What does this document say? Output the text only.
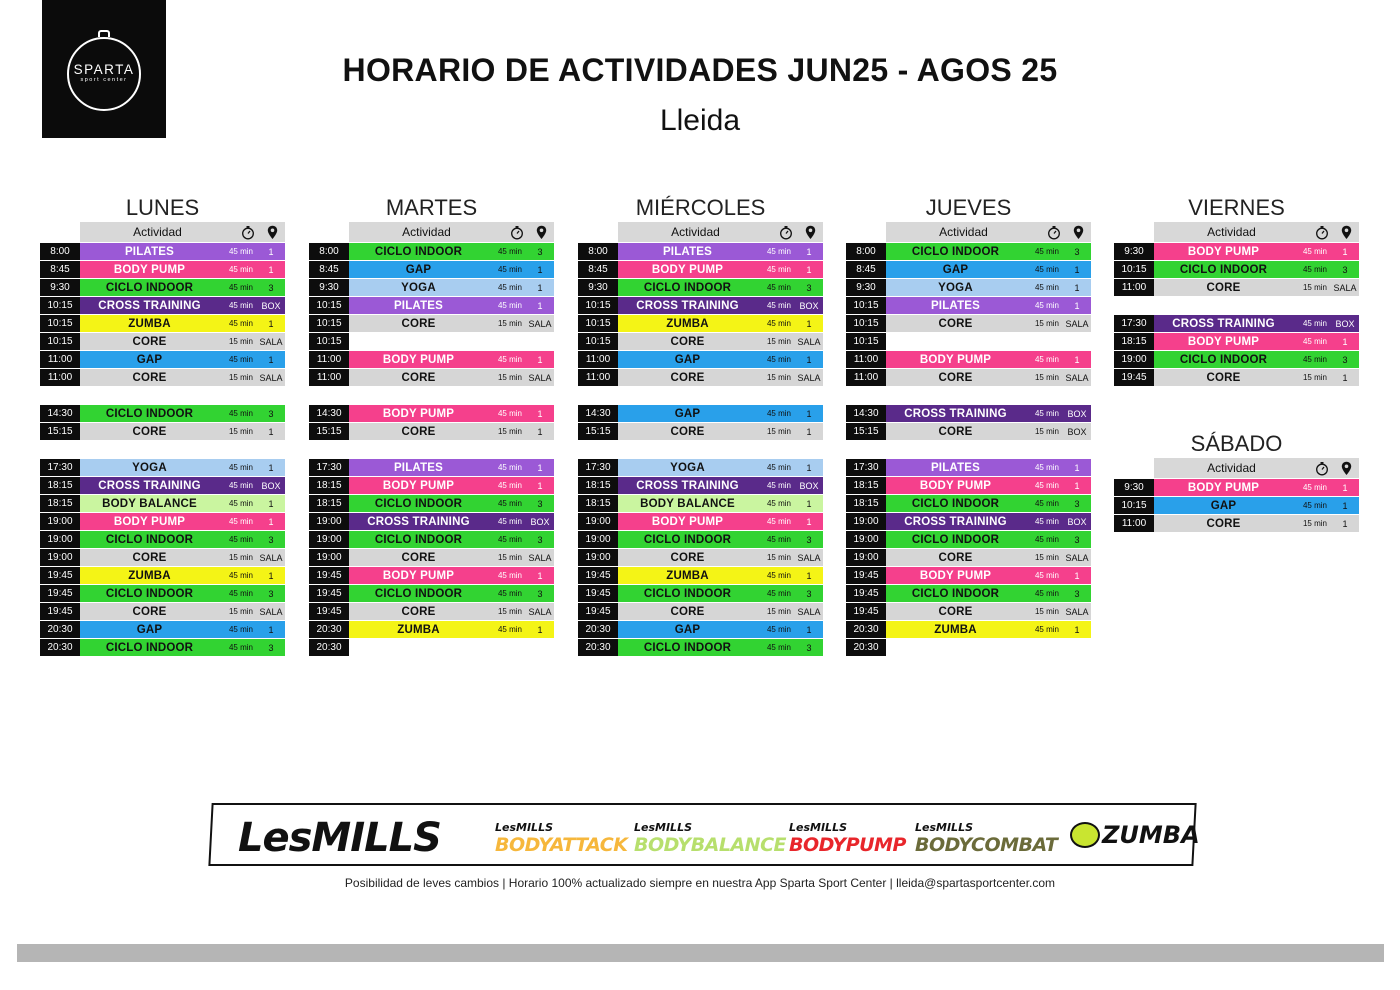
SPARTA
sport center	HORARIO DE ACTIVIDADES JUN25 - AGOS 25
Lleida
LUNES
Actividad
8:00	PILATES	45 min	1
8:45	BODY PUMP	45 min	1
9:30	CICLO INDOOR	45 min	3
10:15	CROSS TRAINING	45 min BOX
10:15	ZUMBA	45 min	1
10:15	CORE	15 min SALA
11:00	GAP	45 min	1
11:00	CORE	15 min SALA
14:30	CICLO INDOOR	45 min	3
15:15	CORE	15 min	1
17:30	YOGA	45 min	1
18:15	CROSS TRAINING	45 min BOX
18:15	BODY BALANCE	45 min	1
19:00	BODY PUMP	45 min	1
19:00	CICLO INDOOR	45 min	3
19:00	CORE	15 min SALA
19:45	ZUMBA	45 min	1
19:45	CICLO INDOOR	45 min	3
19:45	CORE	15 min SALA
20:30	GAP	45 min	1
20:30	CICLO INDOOR	45 min	3
MARTES
Actividad
8:00	CICLO INDOOR	45 min	3
8:45	GAP	45 min	1
9:30	YOGA	45 min	1
10:15	PILATES	45 min	1
10:15	CORE	15 min SALA
10:15
11:00	BODY PUMP	45 min	1
11:00	CORE	15 min SALA
14:30	BODY PUMP	45 min	1
15:15	CORE	15 min	1
17:30	PILATES	45 min	1
18:15	BODY PUMP	45 min	1
18:15	CICLO INDOOR	45 min	3
19:00	CROSS TRAINING	45 min BOX
19:00	CICLO INDOOR	45 min	3
19:00	CORE	15 min SALA
19:45	BODY PUMP	45 min	1
19:45	CICLO INDOOR	45 min	3
19:45	CORE	15 min SALA
20:30	ZUMBA	45 min	1
20:30
MIÉRCOLES
Actividad
8:00	PILATES	45 min	1
8:45	BODY PUMP	45 min	1
9:30	CICLO INDOOR	45 min	3
10:15	CROSS TRAINING	45 min BOX
10:15	ZUMBA	45 min	1
10:15	CORE	15 min SALA
11:00	GAP	45 min	1
11:00	CORE	15 min SALA
14:30	GAP	45 min	1
15:15	CORE	15 min	1
17:30	YOGA	45 min	1
18:15	CROSS TRAINING	45 min BOX
18:15	BODY BALANCE	45 min	1
19:00	BODY PUMP	45 min	1
19:00	CICLO INDOOR	45 min	3
19:00	CORE	15 min SALA
19:45	ZUMBA	45 min	1
19:45	CICLO INDOOR	45 min	3
19:45	CORE	15 min SALA
20:30	GAP	45 min	1
20:30	CICLO INDOOR	45 min	3
JUEVES
Actividad
8:00	CICLO INDOOR	45 min	3
8:45	GAP	45 min	1
9:30	YOGA	45 min	1
10:15	PILATES	45 min	1
10:15	CORE	15 min SALA
10:15
11:00	BODY PUMP	45 min	1
11:00	CORE	15 min SALA
14:30	CROSS TRAINING	45 min BOX
15:15	CORE	15 min BOX
17:30	PILATES	45 min	1
18:15	BODY PUMP	45 min	1
18:15	CICLO INDOOR	45 min	3
19:00	CROSS TRAINING	45 min BOX
19:00	CICLO INDOOR	45 min	3
19:00	CORE	15 min SALA
19:45	BODY PUMP	45 min	1
19:45	CICLO INDOOR	45 min	3
19:45	CORE	15 min SALA
20:30	ZUMBA	45 min	1
20:30
VIERNES
Actividad
9:30	BODY PUMP	45 min	1
10:15	CICLO INDOOR	45 min	3
11:00	CORE	15 min SALA
17:30	CROSS TRAINING	45 min BOX
18:15	BODY PUMP	45 min	1
19:00	CICLO INDOOR	45 min	3
19:45	CORE	15 min	1
SÁBADO
Actividad
9:30	BODY PUMP	45 min	1
10:15	GAP	45 min	1
11:00	CORE	15 min	1
LesMILLS	LesMILLS
BODYATTACK
LesMILLS
BODYBALANCE
LesMILLS
BODYPUMP
LesMILLS
BODYCOMBAT ZUMBA
Posibilidad de leves cambios | Horario 100% actualizado siempre en nuestra App Sparta Sport Center | lleida@spartasportcenter.com
